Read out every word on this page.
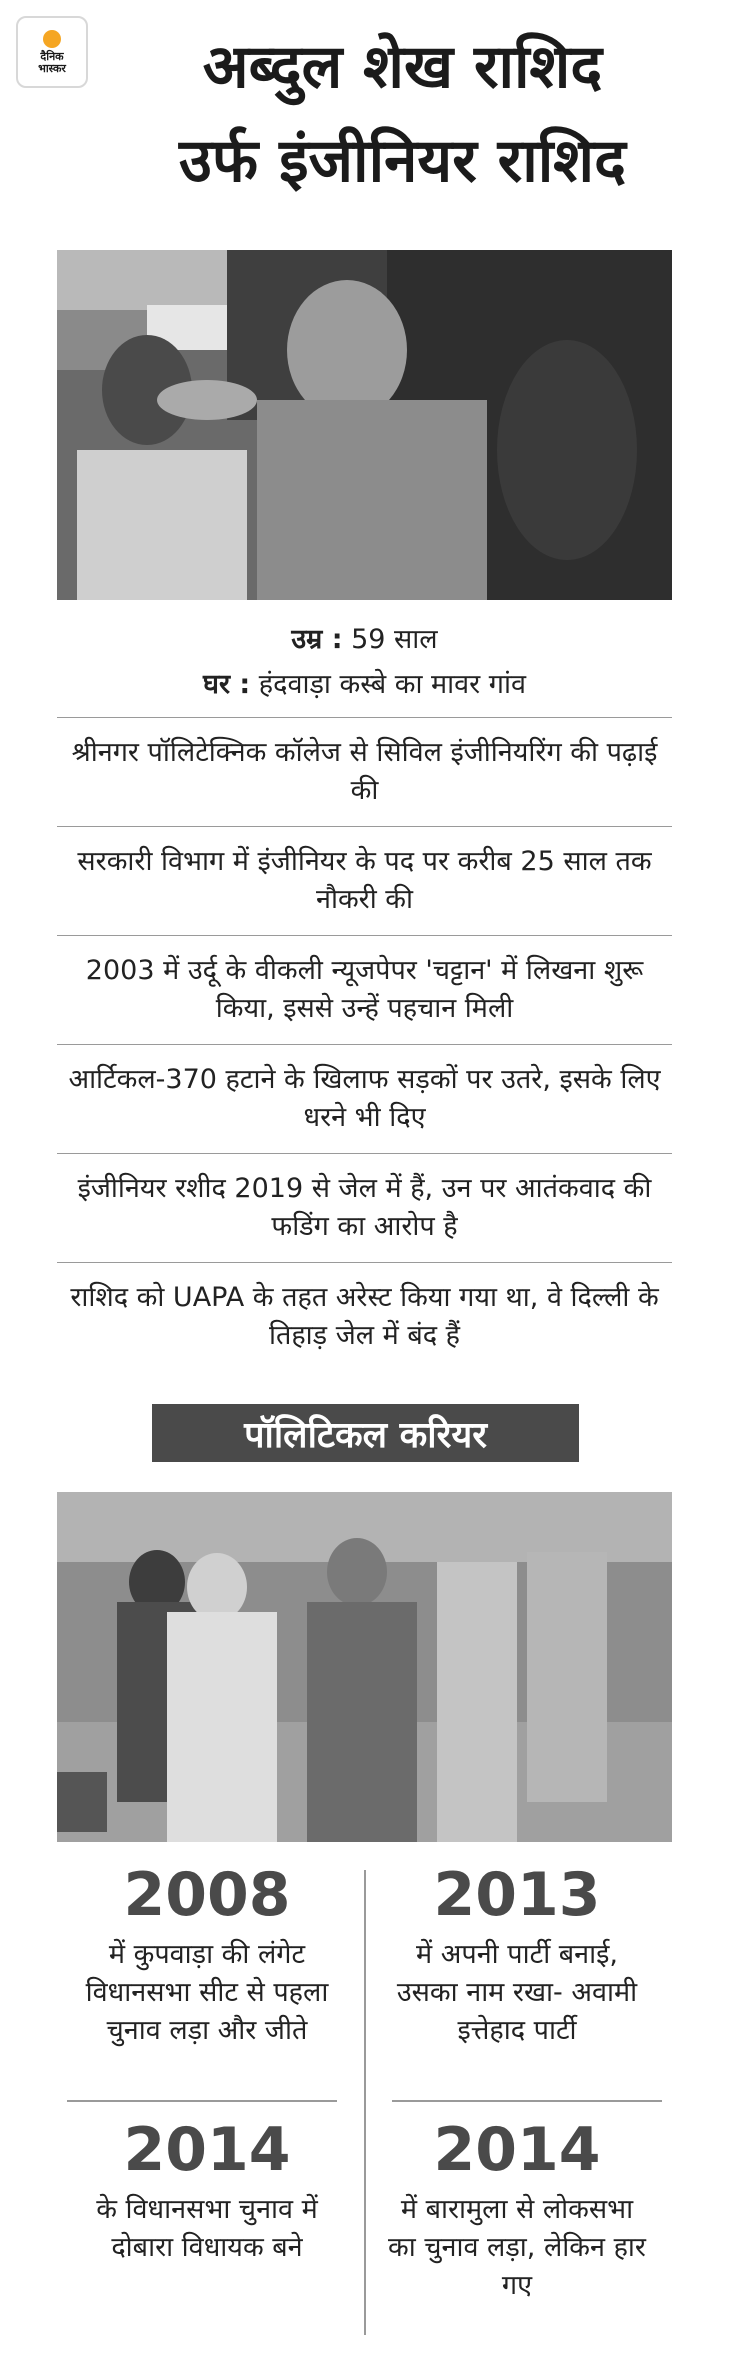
दैनिक
भास्कर	अब्दुल शेख राशिद
उर्फ इंजीनियर राशिद
उम्र : 59 साल
घर : हंदवाड़ा कस्बे का मावर गांव
श्रीनगर पॉलिटेक्निक कॉलेज से सिविल इंजीनियरिंग की पढ़ाई की
सरकारी विभाग में इंजीनियर के पद पर करीब 25 साल तक नौकरी की
2003 में उर्दू के वीकली न्यूजपेपर 'चट्टान' में लिखना शुरू किया, इससे उन्हें पहचान मिली
आर्टिकल-370 हटाने के खिलाफ सड़कों पर उतरे, इसके लिए धरने भी दिए
इंजीनियर रशीद 2019 से जेल में हैं, उन पर आतंकवाद की फडिंग का आरोप है
राशिद को UAPA के तहत अरेस्ट किया गया था, वे दिल्ली के तिहाड़ जेल में बंद हैं
पॉलिटिकल करियर
2008
में कुपवाड़ा की लंगेट विधानसभा सीट से पहला चुनाव लड़ा और जीते
2013
में अपनी पार्टी बनाई, उसका नाम रखा- अवामी इत्तेहाद पार्टी
2014
के विधानसभा चुनाव में दोबारा विधायक बने
2014
में बारामुला से लोकसभा का चुनाव लड़ा, लेकिन हार गए
